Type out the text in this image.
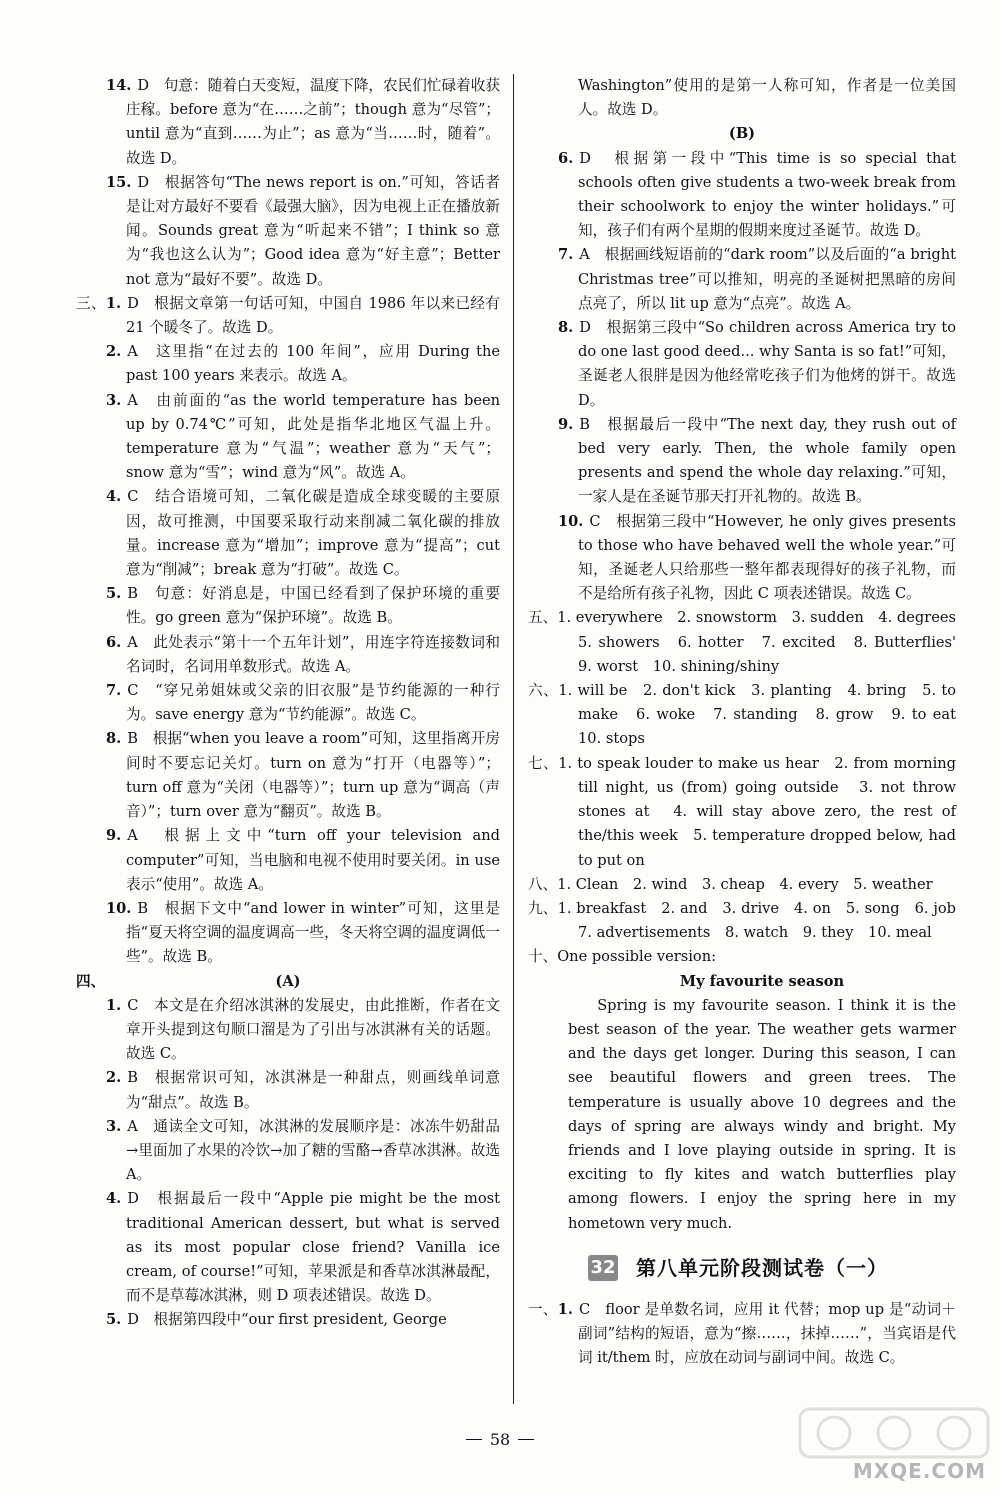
14. D　句意：随着白天变短，温度下降，农民们忙碌着收获庄稼。before 意为“在……之前”；though 意为“尽管”；until 意为“直到……为止”；as 意为“当……时，随着”。故选 D。
15. D　根据答句“The news report is on.”可知，答话者是让对方最好不要看《最强大脑》，因为电视上正在播放新闻。Sounds great 意为“听起来不错”；I think so 意为“我也这么认为”；Good idea 意为“好主意”；Better not 意为“最好不要”。故选 D。
三、1. D　根据文章第一句话可知，中国自 1986 年以来已经有 21 个暖冬了。故选 D。
2. A　这里指“在过去的 100 年间”，应用 During the past 100 years 来表示。故选 A。
3. A　由前面的“as the world temperature has been up by 0.74℃”可知，此处是指华北地区气温上升。temperature 意为“气温”；weather 意为“天气”；snow 意为“雪”；wind 意为“风”。故选 A。
4. C　结合语境可知，二氧化碳是造成全球变暖的主要原因，故可推测，中国要采取行动来削减二氧化碳的排放量。increase 意为“增加”；improve 意为“提高”；cut 意为“削减”；break 意为“打破”。故选 C。
5. B　句意：好消息是，中国已经看到了保护环境的重要性。go green 意为“保护环境”。故选 B。
6. A　此处表示“第十一个五年计划”，用连字符连接数词和名词时，名词用单数形式。故选 A。
7. C　“穿兄弟姐妹或父亲的旧衣服”是节约能源的一种行为。save energy 意为“节约能源”。故选 C。
8. B　根据“when you leave a room”可知，这里指离开房间时不要忘记关灯。turn on 意为“打开（电器等）”；turn off 意为“关闭（电器等）”；turn up 意为“调高（声音）”；turn over 意为“翻页”。故选 B。
9. A　根据上文中“turn off your television and computer”可知，当电脑和电视不使用时要关闭。in use 表示“使用”。故选 A。
10. B　根据下文中“and lower in winter”可知，这里是指“夏天将空调的温度调高一些，冬天将空调的温度调低一些”。故选 B。
四、	(A)
1. C　本文是在介绍冰淇淋的发展史，由此推断，作者在文章开头提到这句顺口溜是为了引出与冰淇淋有关的话题。故选 C。
2. B　根据常识可知，冰淇淋是一种甜点，则画线单词意为“甜点”。故选 B。
3. A　通读全文可知，冰淇淋的发展顺序是：冰冻牛奶甜品→里面加了水果的冷饮→加了糖的雪酪→香草冰淇淋。故选 A。
4. D　根据最后一段中“Apple pie might be the most traditional American dessert, but what is served as its most popular close friend? Vanilla ice cream, of course!”可知，苹果派是和香草冰淇淋最配，而不是草莓冰淇淋，则 D 项表述错误。故选 D。
5. D　根据第四段中“our first president, George
Washington”使用的是第一人称可知，作者是一位美国人。故选 D。
(B)
6. D　根据第一段中“This time is so special that schools often give students a two-week break from their schoolwork to enjoy the winter holidays.”可知，孩子们有两个星期的假期来度过圣诞节。故选 D。
7. A　根据画线短语前的“dark room”以及后面的“a bright Christmas tree”可以推知，明亮的圣诞树把黑暗的房间点亮了，所以 lit up 意为“点亮”。故选 A。
8. D　根据第三段中“So children across America try to do one last good deed... why Santa is so fat!”可知，圣诞老人很胖是因为他经常吃孩子们为他烤的饼干。故选 D。
9. B　根据最后一段中“The next day, they rush out of bed very early. Then, the whole family open presents and spend the whole day relaxing.”可知，一家人是在圣诞节那天打开礼物的。故选 B。
10. C　根据第三段中“However, he only gives presents to those who have behaved well the whole year.”可知，圣诞老人只给那些一整年都表现得好的孩子礼物，而不是给所有孩子礼物，因此 C 项表述错误。故选 C。
五、1. everywhere　2. snowstorm　3. sudden　4. degrees　5. showers　6. hotter　7. excited　8. Butterflies'　9. worst　10. shining/shiny
六、1. will be　2. don't kick　3. planting　4. bring　5. to make　6. woke　7. standing　8. grow　9. to eat　10. stops
七、1. to speak louder to make us hear　2. from morning till night, us (from) going outside　3. not throw stones at　4. will stay above zero, the rest of the/this week　5. temperature dropped below, had to put on
八、1. Clean　2. wind　3. cheap　4. every　5. weather
九、1. breakfast　2. and　3. drive　4. on　5. song　6. job　7. advertisements　8. watch　9. they　10. meal
十、One possible version:
My favourite season

Spring is my favourite season. I think it is the best season of the year. The weather gets warmer and the days get longer. During this season, I can see beautiful flowers and green trees. The temperature is usually above 10 degrees and the days of spring are always windy and bright. My friends and I love playing outside in spring. It is exciting to fly kites and watch butterflies play among flowers. I enjoy the spring here in my hometown very much.

32 第八单元阶段测试卷（一）
一、1. C　floor 是单数名词，应用 it 代替；mop up 是“动词＋副词”结构的短语，意为“擦……，抹掉……”，当宾语是代词 it/them 时，应放在动词与副词中间。故选 C。
58
MXQE.COM
